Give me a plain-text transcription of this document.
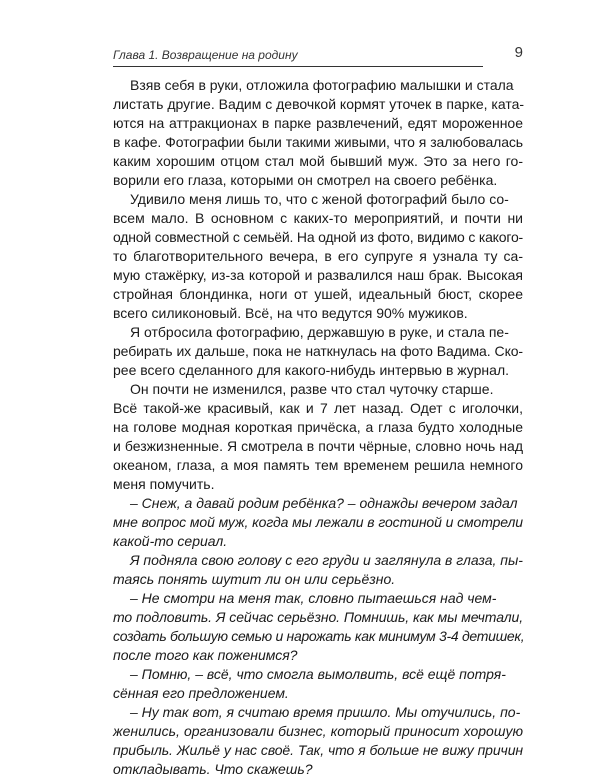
Глава 1. Возвращение на родину	9
Взяв себя в руки, отложила фотографию малышки и стала
листать другие. Вадим с девочкой кормят уточек в парке, ката-
ются на аттракционах в парке развлечений, едят мороженное
в кафе. Фотографии были такими живыми, что я залюбовалась
каким хорошим отцом стал мой бывший муж. Это за него го-
ворили его глаза, которыми он смотрел на своего ребёнка.
Удивило меня лишь то, что с женой фотографий было со-
всем мало. В основном с каких-то мероприятий, и почти ни
одной совместной с семьёй. На одной из фото, видимо с какого-
то благотворительного вечера, в его супруге я узнала ту са-
мую стажёрку, из-за которой и развалился наш брак. Высокая
стройная блондинка, ноги от ушей, идеальный бюст, скорее
всего силиконовый. Всё, на что ведутся 90% мужиков.
Я отбросила фотографию, державшую в руке, и стала пе-
ребирать их дальше, пока не наткнулась на фото Вадима. Ско-
рее всего сделанного для какого-нибудь интервью в журнал.
Он почти не изменился, разве что стал чуточку старше.
Всё такой-же красивый, как и 7 лет назад. Одет с иголочки,
на голове модная короткая причёска, а глаза будто холодные
и безжизненные. Я смотрела в почти чёрные, словно ночь над
океаном, глаза, а моя память тем временем решила немного
меня помучить.
– Снеж, а давай родим ребёнка? – однажды вечером задал
мне вопрос мой муж, когда мы лежали в гостиной и смотрели
какой-то сериал.
Я подняла свою голову с его груди и заглянула в глаза, пы-
таясь понять шутит ли он или серьёзно.
– Не смотри на меня так, словно пытаешься над чем-
то подловить. Я сейчас серьёзно. Помнишь, как мы мечтали,
создать большую семью и нарожать как минимум 3-4 детишек,
после того как поженимся?
– Помню, – всё, что смогла вымолвить, всё ещё потря-
сённая его предложением.
– Ну так вот, я считаю время пришло. Мы отучились, по-
женились, организовали бизнес, который приносит хорошую
прибыль. Жильё у нас своё. Так, что я больше не вижу причин
откладывать. Что скажешь?
